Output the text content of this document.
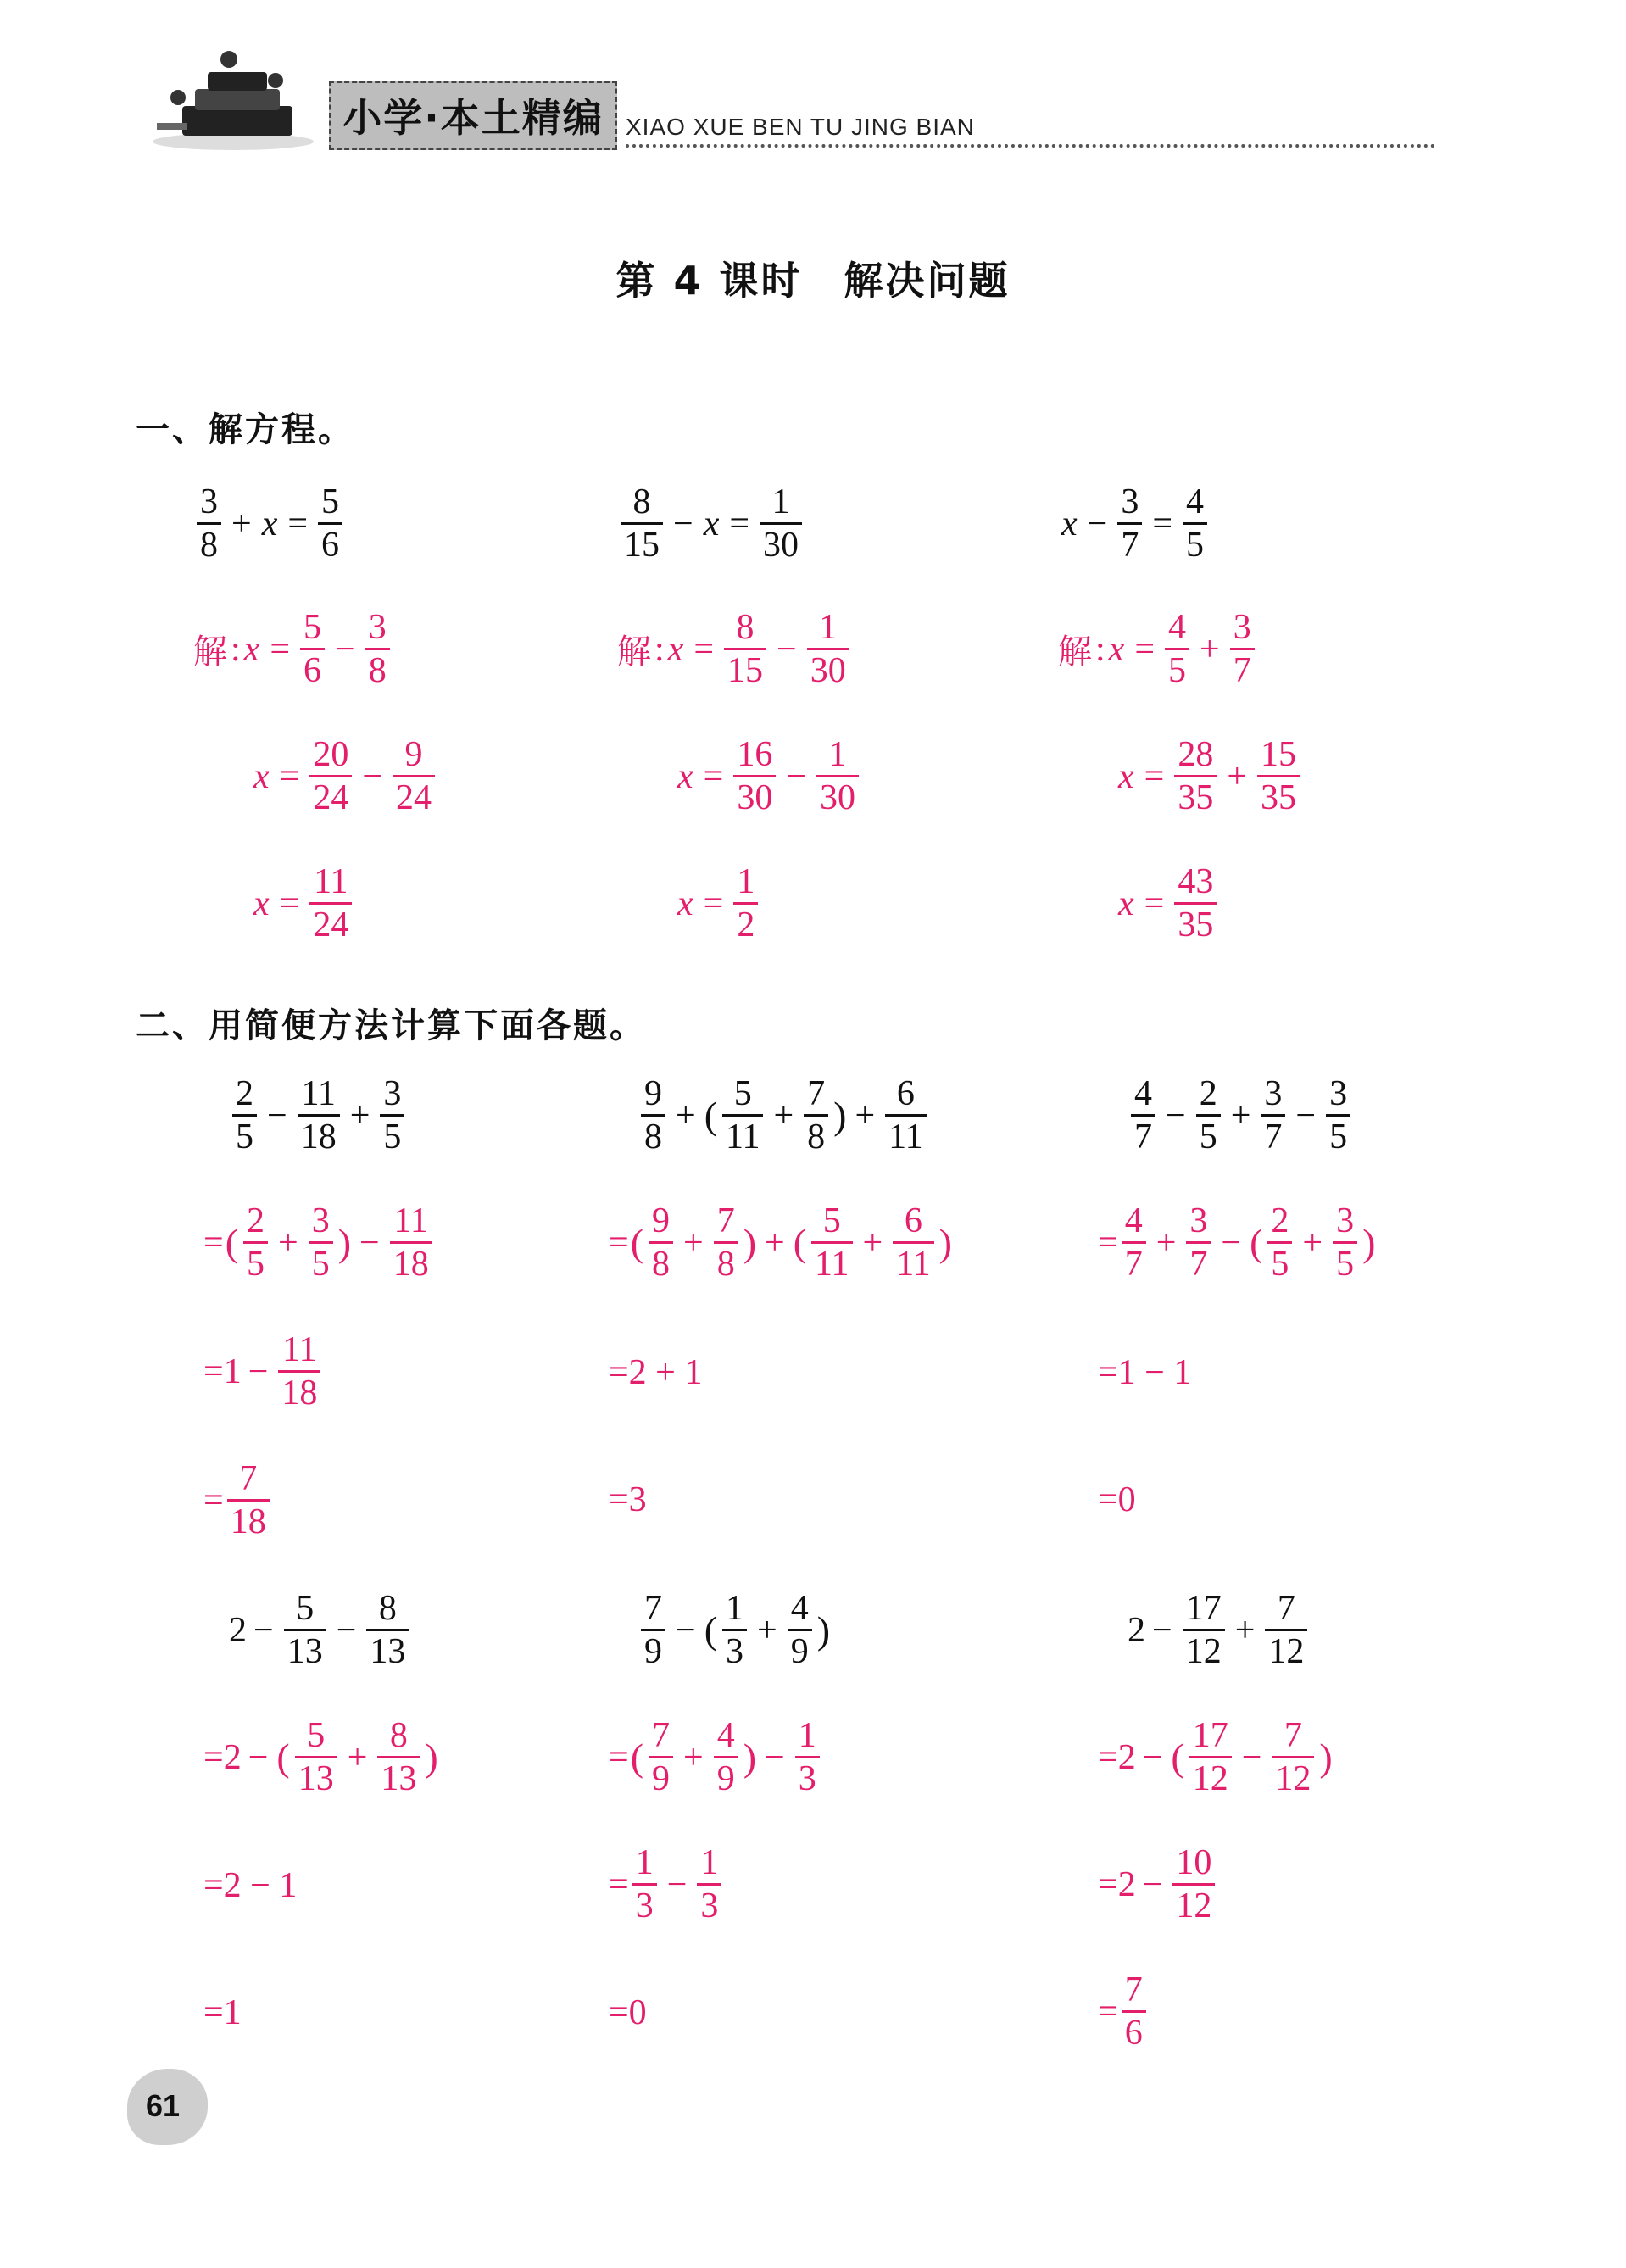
小学·本土精编 XIAO XUE BEN TU JING BIAN
第 4 课时　解决问题
一、解方程。
$\frac{3}{8} + x = \frac{5}{6}$
解 : $x = \frac{5}{6} - \frac{3}{8}$
$x = \frac{20}{24} - \frac{9}{24}$
$x = \frac{11}{24}$
$\frac{8}{15} - x = \frac{1}{30}$
解 : $x = \frac{8}{15} - \frac{1}{30}$
$x = \frac{16}{30} - \frac{1}{30}$
$x = \frac{1}{2}$
$x - \frac{3}{7} = \frac{4}{5}$
解 : $x = \frac{4}{5} + \frac{3}{7}$
$x = \frac{28}{35} + \frac{15}{35}$
$x = \frac{43}{35}$
二、用简便方法计算下面各题。
$\frac{2}{5} - \frac{11}{18} + \frac{3}{5}$
= ( $\frac{2}{5} + \frac{3}{5}$ ) − $\frac{11}{18}$
= $1 - \frac{11}{18}$
= $\frac{7}{18}$
$\frac{9}{8}$ + ( $\frac{5}{11} + \frac{7}{8}$ ) + $\frac{6}{11}$
= ( $\frac{9}{8} + \frac{7}{8}$ ) + ( $\frac{5}{11} + \frac{6}{11}$ )
=2 + 1
=3
$\frac{4}{7} - \frac{2}{5} + \frac{3}{7} - \frac{3}{5}$
= $\frac{4}{7} + \frac{3}{7}$ − ( $\frac{2}{5} + \frac{3}{5}$ )
=1 − 1
=0
$2 - \frac{5}{13} - \frac{8}{13}$
= 2 − ( $\frac{5}{13} + \frac{8}{13}$ )
=2 − 1
=1
$\frac{7}{9}$ − ( $\frac{1}{3} + \frac{4}{9}$ )
= ( $\frac{7}{9} + \frac{4}{9}$ ) − $\frac{1}{3}$
= $\frac{1}{3} - \frac{1}{3}$
=0
$2 - \frac{17}{12} + \frac{7}{12}$
= 2 − ( $\frac{17}{12} - \frac{7}{12}$ )
= $2 - \frac{10}{12}$
= $\frac{7}{6}$
61
